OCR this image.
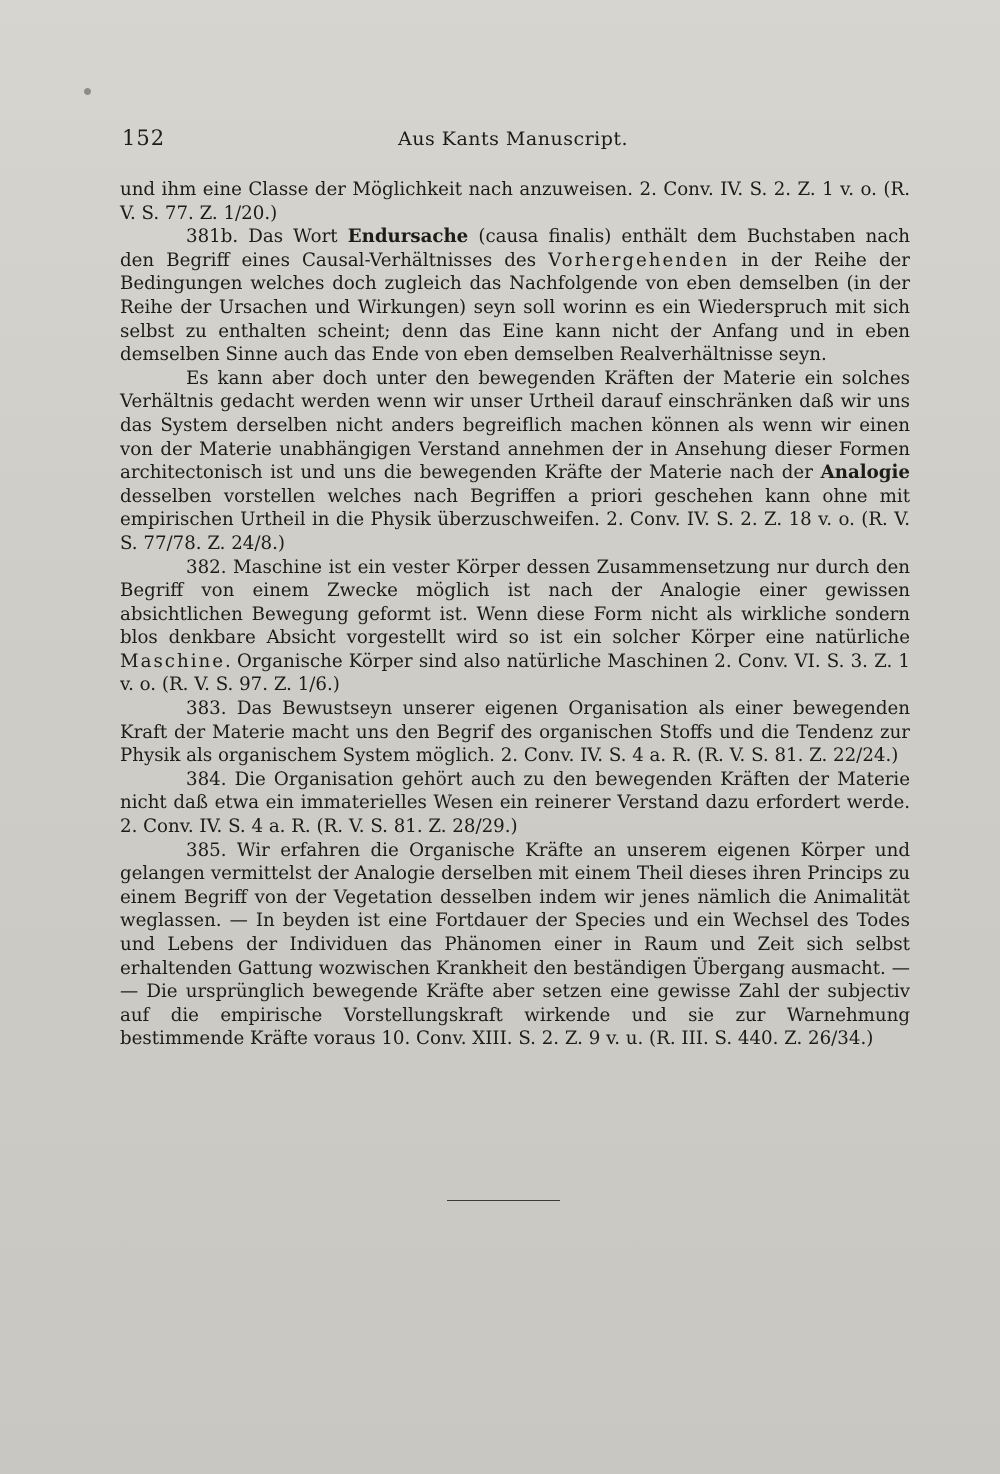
152	Aus Kants Manuscript.

und ihm eine Classe der Möglichkeit nach anzuweisen. 2. Conv. IV. S. 2. Z. 1 v. o. (R. V. S. 77. Z. 1/20.)

381b. Das Wort Endursache (causa finalis) enthält dem Buchstaben nach den Begriff eines Causal-Verhältnisses des Vorhergehenden in der Reihe der Bedingungen welches doch zugleich das Nachfolgende von eben demselben (in der Reihe der Ursachen und Wirkungen) seyn soll worinn es ein Wiederspruch mit sich selbst zu enthalten scheint; denn das Eine kann nicht der Anfang und in eben demselben Sinne auch das Ende von eben demselben Realverhältnisse seyn.

Es kann aber doch unter den bewegenden Kräften der Materie ein solches Verhältnis gedacht werden wenn wir unser Urtheil darauf einschränken daß wir uns das System derselben nicht anders begreiflich machen können als wenn wir einen von der Materie unabhängigen Verstand annehmen der in Ansehung dieser Formen architectonisch ist und uns die bewegenden Kräfte der Materie nach der Analogie desselben vorstellen welches nach Begriffen a priori geschehen kann ohne mit empirischen Urtheil in die Physik überzuschweifen. 2. Conv. IV. S. 2. Z. 18 v. o. (R. V. S. 77/78. Z. 24/8.)

382. Maschine ist ein vester Körper dessen Zusammensetzung nur durch den Begriff von einem Zwecke möglich ist nach der Analogie einer gewissen absichtlichen Bewegung geformt ist. Wenn diese Form nicht als wirkliche sondern blos denkbare Absicht vorgestellt wird so ist ein solcher Körper eine natürliche Maschine. Organische Körper sind also natürliche Maschinen 2. Conv. VI. S. 3. Z. 1 v. o. (R. V. S. 97. Z. 1/6.)

383. Das Bewustseyn unserer eigenen Organisation als einer bewegenden Kraft der Materie macht uns den Begrif des organischen Stoffs und die Tendenz zur Physik als organischem System möglich. 2. Conv. IV. S. 4 a. R. (R. V. S. 81. Z. 22/24.)

384. Die Organisation gehört auch zu den bewegenden Kräften der Materie nicht daß etwa ein immaterielles Wesen ein reinerer Verstand dazu erfordert werde. 2. Conv. IV. S. 4 a. R. (R. V. S. 81. Z. 28/29.)

385. Wir erfahren die Organische Kräfte an unserem eigenen Körper und gelangen vermittelst der Analogie derselben mit einem Theil dieses ihren Princips zu einem Begriff von der Vegetation desselben indem wir jenes nämlich die Animalität weglassen. — In beyden ist eine Fortdauer der Species und ein Wechsel des Todes und Lebens der Individuen das Phänomen einer in Raum und Zeit sich selbst erhaltenden Gattung wozwischen Krankheit den beständigen Übergang ausmacht. — — Die ursprünglich bewegende Kräfte aber setzen eine gewisse Zahl der subjectiv auf die empirische Vorstellungskraft wirkende und sie zur Warnehmung bestimmende Kräfte voraus 10. Conv. XIII. S. 2. Z. 9 v. u. (R. III. S. 440. Z. 26/34.)
